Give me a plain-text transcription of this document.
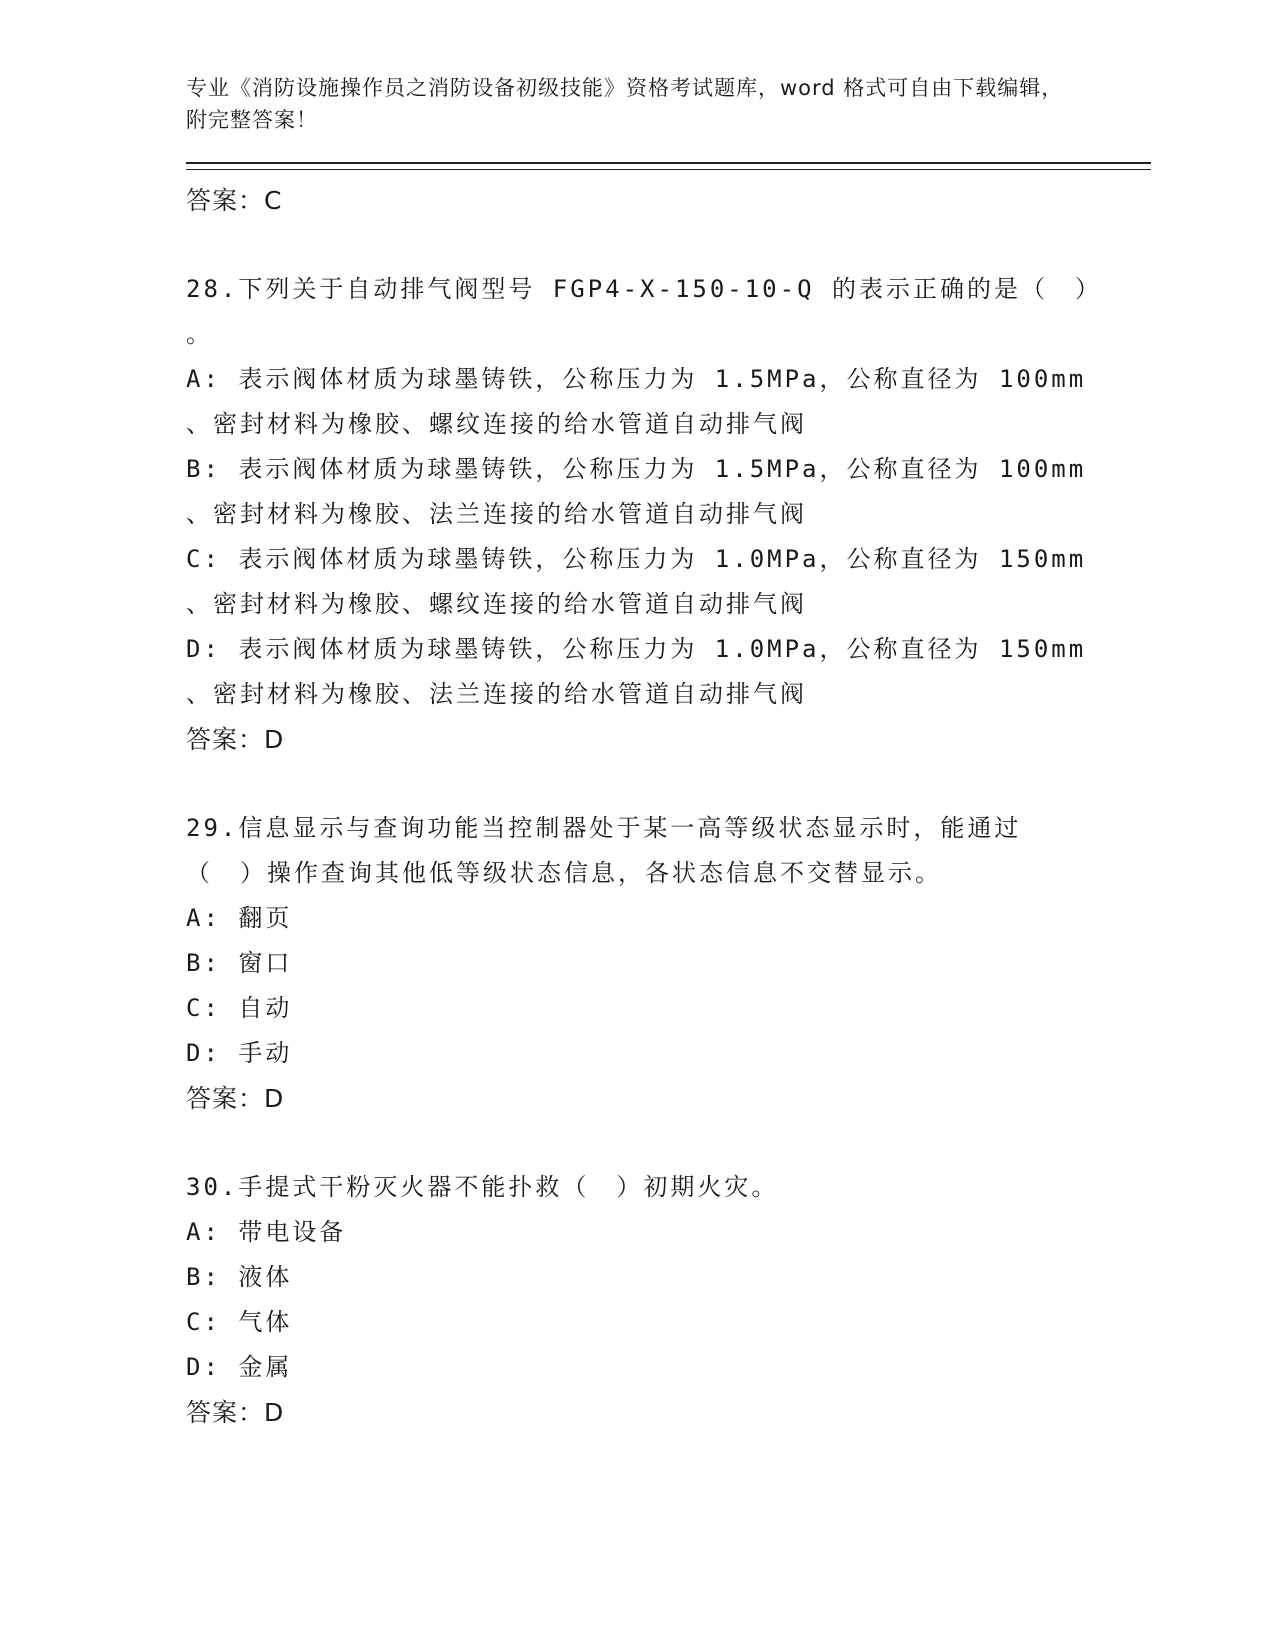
专业《消防设施操作员之消防设备初级技能》资格考试题库，word 格式可自由下载编辑，附完整答案！

答案：C

28.下列关于自动排气阀型号 FGP4-X-150-10-Q 的表示正确的是（　）
。

A: 表示阀体材质为球墨铸铁，公称压力为 1.5MPa，公称直径为 100mm
、密封材料为橡胶、螺纹连接的给水管道自动排气阀

B: 表示阀体材质为球墨铸铁，公称压力为 1.5MPa，公称直径为 100mm
、密封材料为橡胶、法兰连接的给水管道自动排气阀

C: 表示阀体材质为球墨铸铁，公称压力为 1.0MPa，公称直径为 150mm
、密封材料为橡胶、螺纹连接的给水管道自动排气阀

D: 表示阀体材质为球墨铸铁，公称压力为 1.0MPa，公称直径为 150mm
、密封材料为橡胶、法兰连接的给水管道自动排气阀

答案：D

29.信息显示与查询功能当控制器处于某一高等级状态显示时，能通过
（　）操作查询其他低等级状态信息，各状态信息不交替显示。

A: 翻页

B: 窗口

C: 自动

D: 手动

答案：D

30.手提式干粉灭火器不能扑救（　）初期火灾。

A: 带电设备

B: 液体

C: 气体

D: 金属

答案：D
